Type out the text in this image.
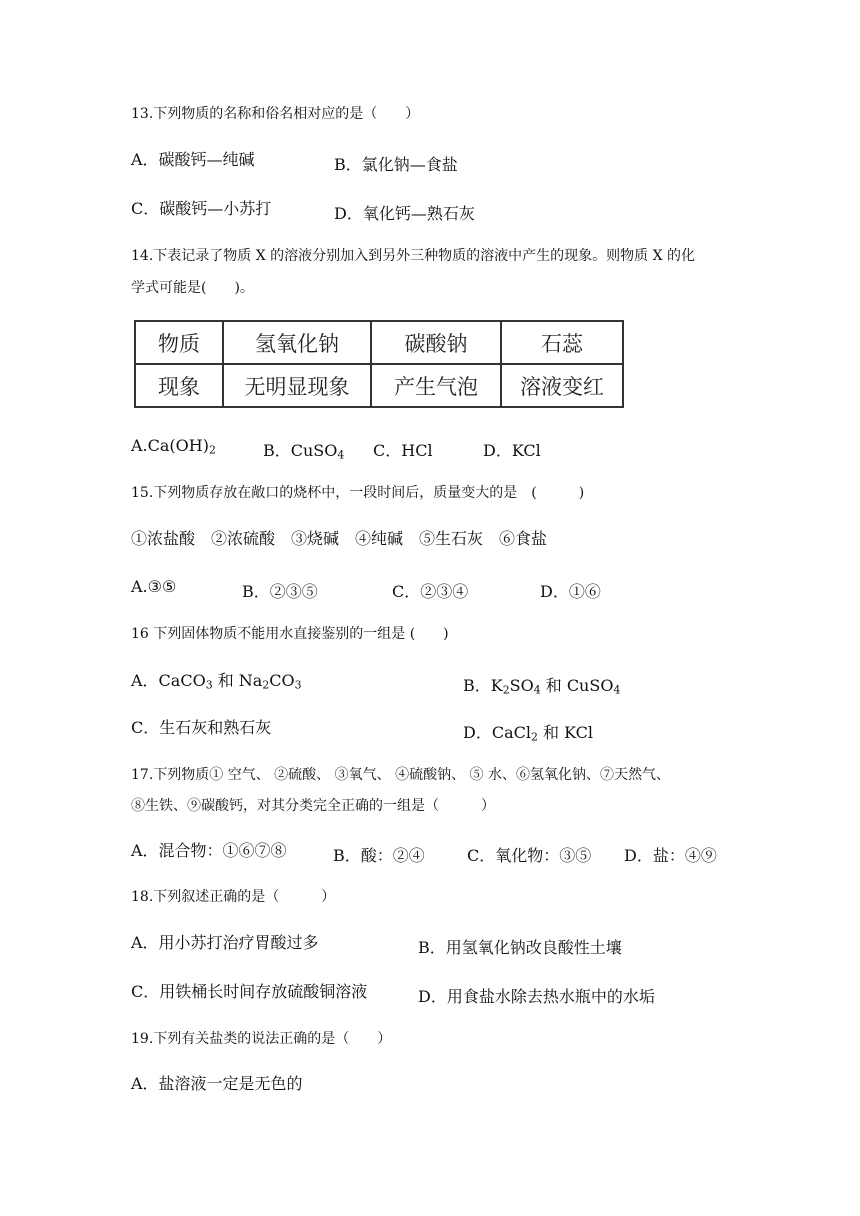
13.下列物质的名称和俗名相对应的是（　　）
A．碳酸钙—纯碱	B．氯化钠—食盐
C．碳酸钙—小苏打	D．氧化钙—熟石灰
14.下表记录了物质 X 的溶液分别加入到另外三种物质的溶液中产生的现象。则物质 X 的化
学式可能是(　　)。
物质	氢氧化钠	碳酸钠	石蕊
现象	无明显现象	产生气泡	溶液变红
$A.Ca(OH)_2$	B．CuSO$_4$ C．HCl	D．KCl
15.下列物质存放在敞口的烧杯中，一段时间后，质量变大的是　(　　　)
①浓盐酸　②浓硫酸　③烧碱　④纯碱　⑤生石灰　⑥食盐
A.③⑤	B．②③⑤	C．②③④	D．①⑥
16 下列固体物质不能用水直接鉴别的一组是 (　　)
A．CaCO$_3$ 和 $Na_2CO_3$	B．$K_2SO_4$ 和 CuSO$_4$
C．生石灰和熟石灰	D．CaCl$_2$ 和 KCl
17.下列物质① 空气、 ②硫酸、 ③氧气、 ④硫酸钠、 ⑤ 水、⑥氢氧化钠、⑦天然气、
⑧生铁、⑨碳酸钙，对其分类完全正确的一组是（　　　）
A．混合物：①⑥⑦⑧	B．酸：②④	C．氧化物：③⑤ D．盐：④⑨
18.下列叙述正确的是（　　　）
A．用小苏打治疗胃酸过多	B．用氢氧化钠改良酸性土壤
C．用铁桶长时间存放硫酸铜溶液	D．用食盐水除去热水瓶中的水垢
19.下列有关盐类的说法正确的是（　　）
A．盐溶液一定是无色的
